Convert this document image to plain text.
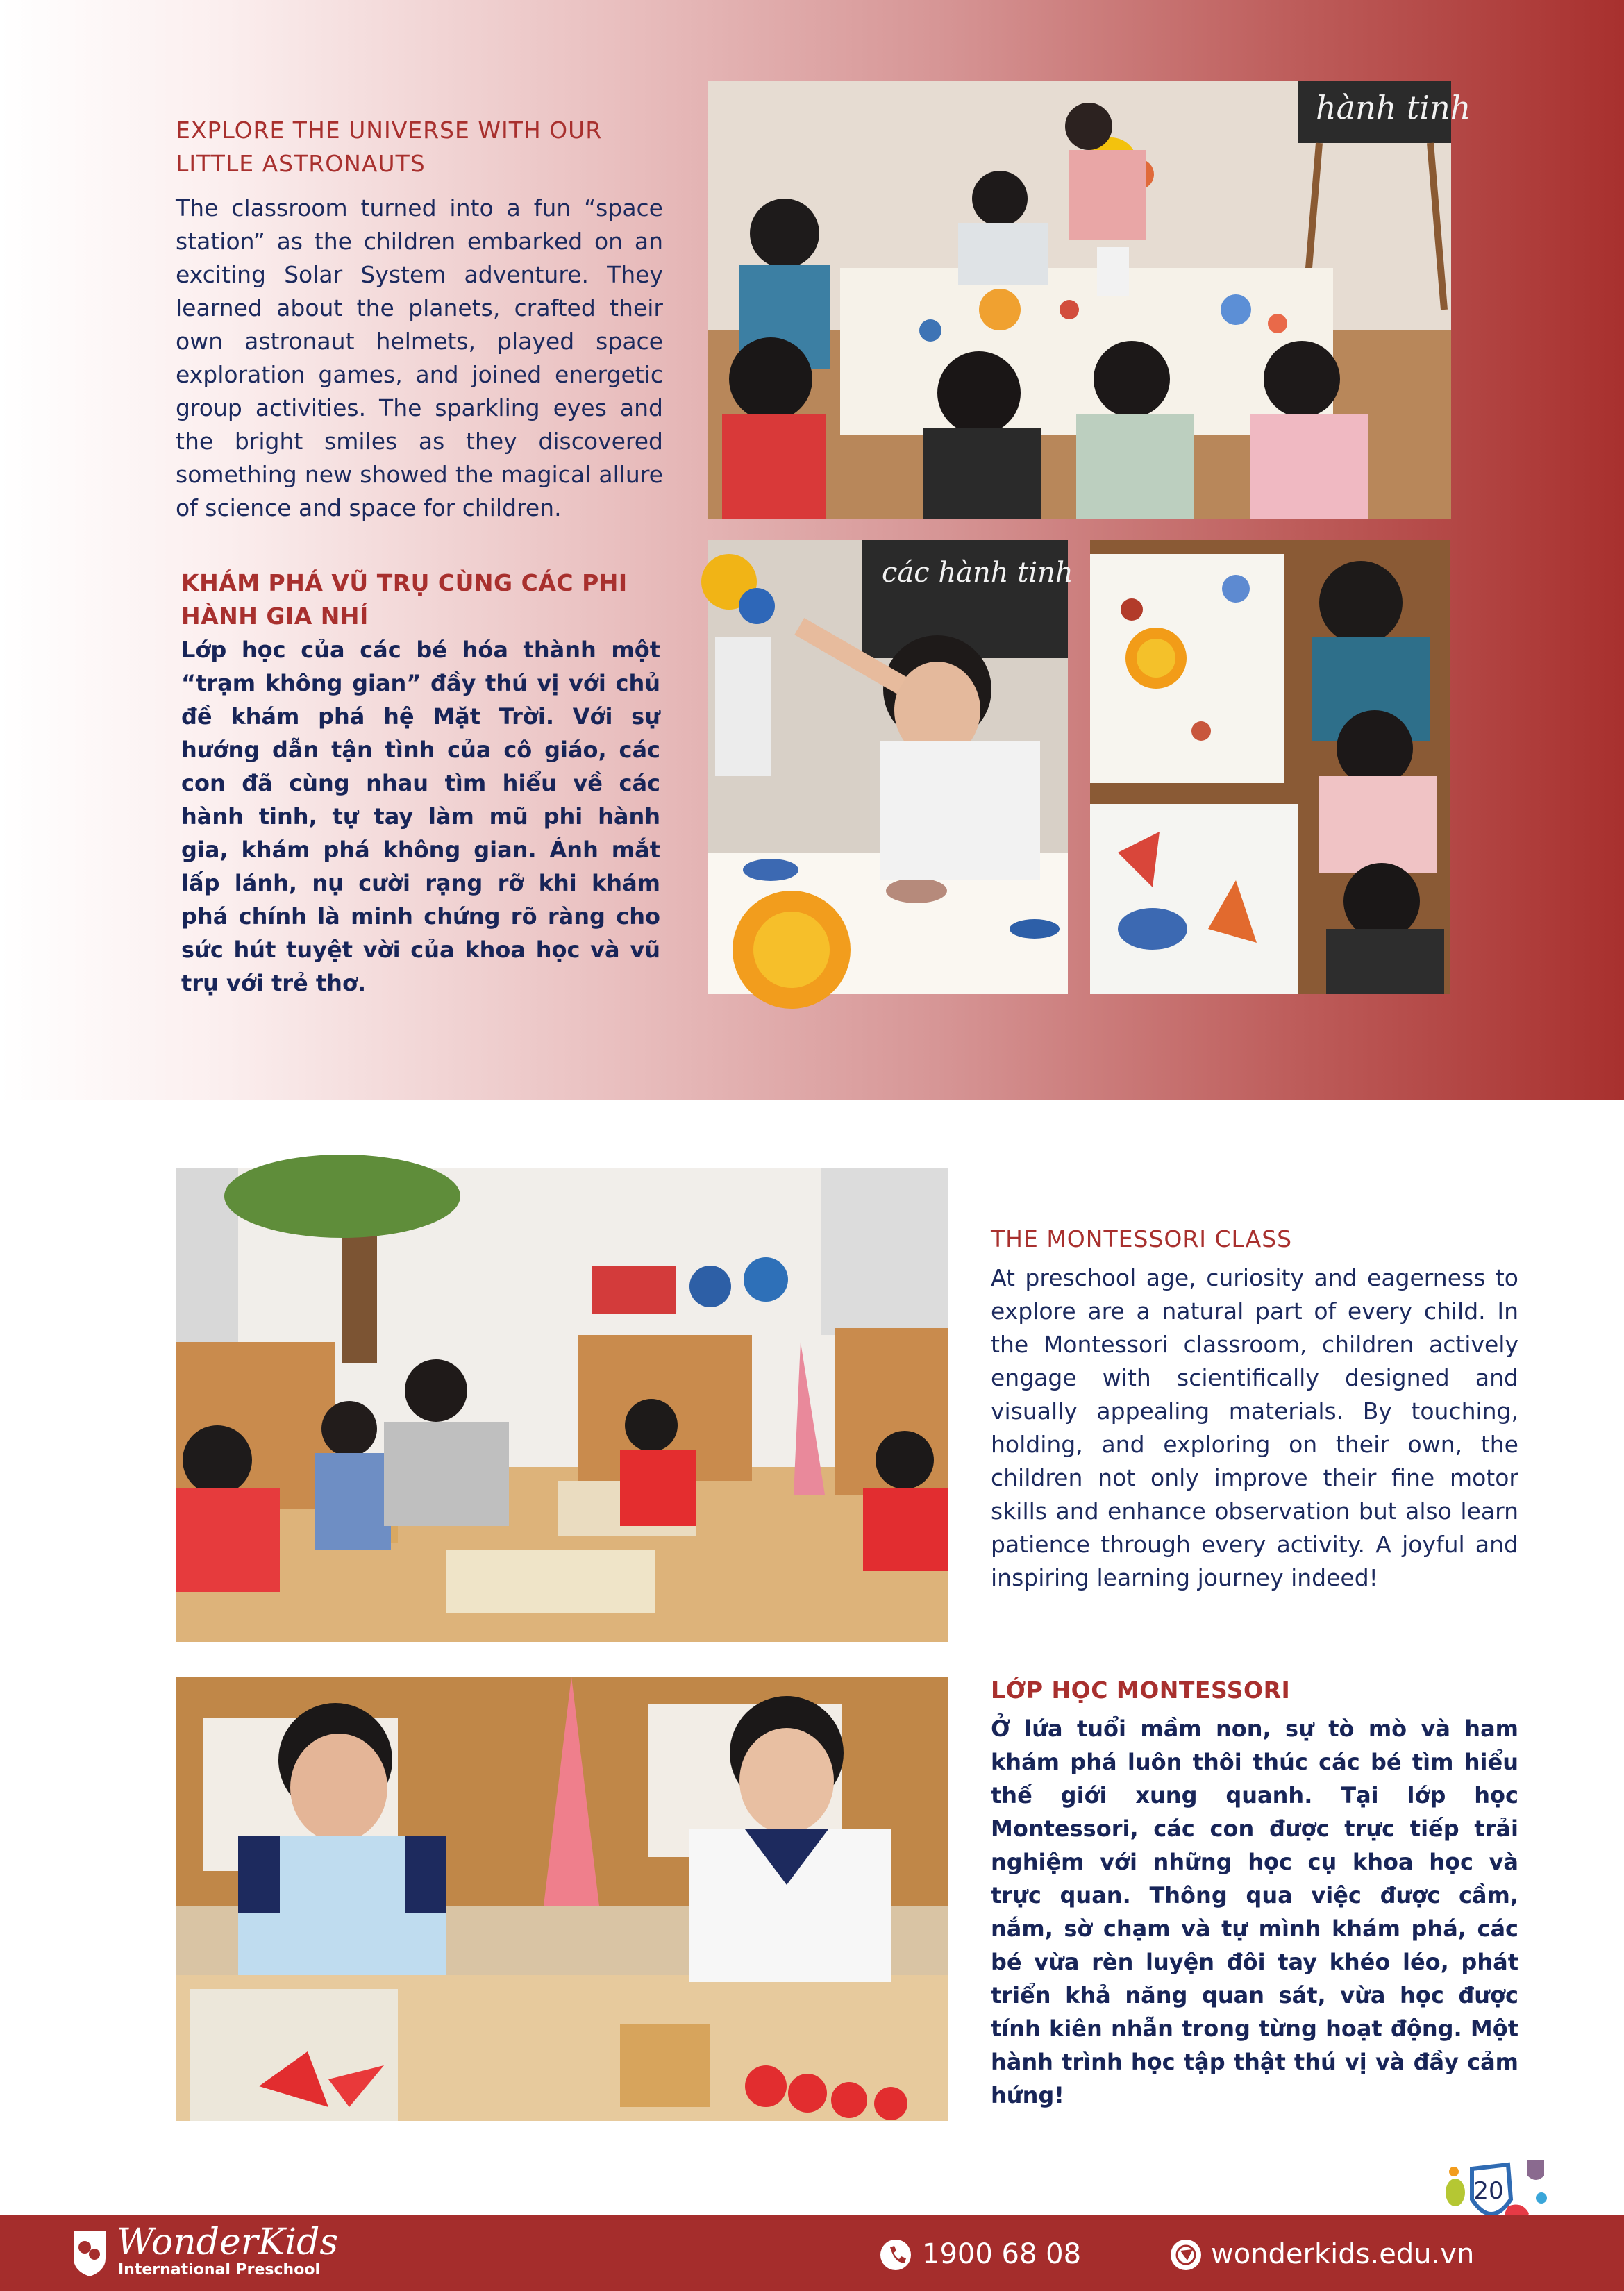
EXPLORE THE UNIVERSE WITH OUR
LITTLE ASTRONAUTS

The classroom turned into a fun “space station” as the children embarked on an exciting Solar System adventure. They learned about the planets, crafted their own astronaut helmets, played space exploration games, and joined energetic group activities. The sparkling eyes and the bright smiles as they discovered something new showed the magical allure of science and space for children.

KHÁM PHÁ VŨ TRỤ CÙNG CÁC PHI
HÀNH GIA NHÍ

Lớp học của các bé hóa thành một “trạm không gian” đầy thú vị với chủ đề khám phá hệ Mặt Trời. Với sự hướng dẫn tận tình của cô giáo, các con đã cùng nhau tìm hiểu về các hành tinh, tự tay làm mũ phi hành gia, khám phá không gian. Ánh mắt lấp lánh, nụ cười rạng rỡ khi khám phá chính là minh chứng rõ ràng cho sức hút tuyệt vời của khoa học và vũ trụ với trẻ thơ.

hành tinh
các hành tinh
THE MONTESSORI CLASS

At preschool age, curiosity and eagerness to explore are a natural part of every child. In the Montessori classroom, children actively engage with scientifically designed and visually appealing materials. By touching, holding, and exploring on their own, the children not only improve their fine motor skills and enhance observation but also learn patience through every activity. A joyful and inspiring learning journey indeed!

LỚP HỌC MONTESSORI

Ở lứa tuổi mầm non, sự tò mò và ham khám phá luôn thôi thúc các bé tìm hiểu thế giới xung quanh. Tại lớp học Montessori, các con được trực tiếp trải nghiệm với những học cụ khoa học và trực quan. Thông qua việc được cầm, nắm, sờ chạm và tự mình khám phá, các bé vừa rèn luyện đôi tay khéo léo, phát triển khả năng quan sát, vừa học được tính kiên nhẫn trong từng hoạt động. Một hành trình học tập thật thú vị và đầy cảm hứng!

20
WonderKids
International Preschool	1900 68 08	wonderkids.edu.vn
